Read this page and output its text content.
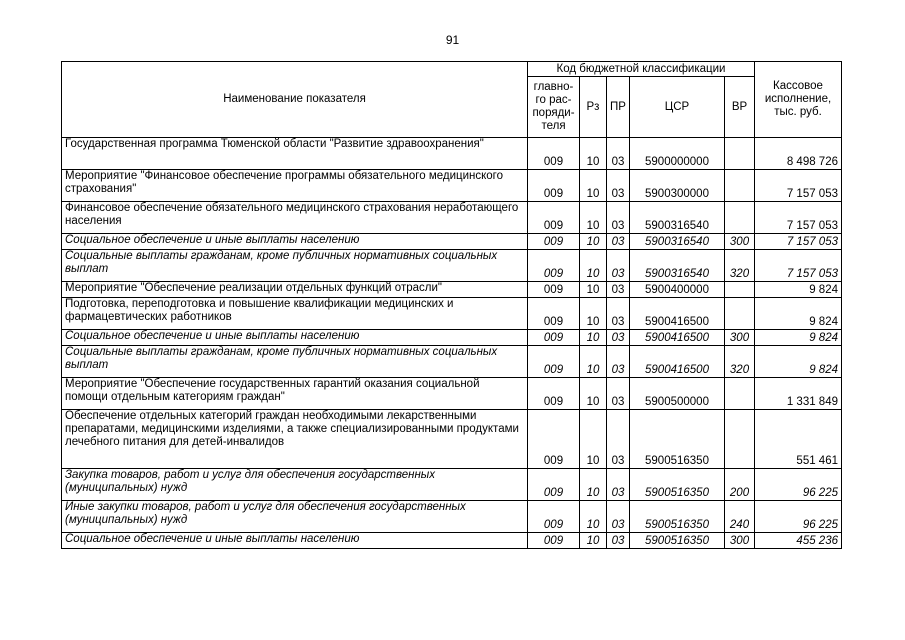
91
Наименование показателя	Код бюджетной классификации					Кассовое исполнение, тыс. руб.
	главно-го рас-поряди-теля	Рз	ПР	ЦСР	ВР	
Государственная программа Тюменской области "Развитие здравоохранения"	009	10	03	5900000000		8 498 726
Мероприятие "Финансовое обеспечение программы обязательного медицинского страхования"	009	10	03	5900300000		7 157 053
Финансовое обеспечение обязательного медицинского страхования неработающего населения	009	10	03	5900316540		7 157 053
Социальное обеспечение и иные выплаты населению	009	10	03	5900316540	300	7 157 053
Социальные выплаты гражданам, кроме публичных нормативных социальных выплат	009	10	03	5900316540	320	7 157 053
Мероприятие "Обеспечение реализации отдельных функций отрасли"	009	10	03	5900400000		9 824
Подготовка, переподготовка и повышение квалификации медицинских и фармацевтических работников	009	10	03	5900416500		9 824
Социальное обеспечение и иные выплаты населению	009	10	03	5900416500	300	9 824
Социальные выплаты гражданам, кроме публичных нормативных социальных выплат	009	10	03	5900416500	320	9 824
Мероприятие "Обеспечение государственных гарантий оказания социальной помощи отдельным категориям граждан"	009	10	03	5900500000		1 331 849
Обеспечение отдельных категорий граждан необходимыми лекарственными препаратами, медицинскими изделиями, а также специализированными продуктами лечебного питания для детей-инвалидов	009	10	03	5900516350		551 461
Закупка товаров, работ и услуг для обеспечения государственных (муниципальных) нужд	009	10	03	5900516350	200	96 225
Иные закупки товаров, работ и услуг для обеспечения государственных (муниципальных) нужд	009	10	03	5900516350	240	96 225
Социальное обеспечение и иные выплаты населению	009	10	03	5900516350	300	455 236
